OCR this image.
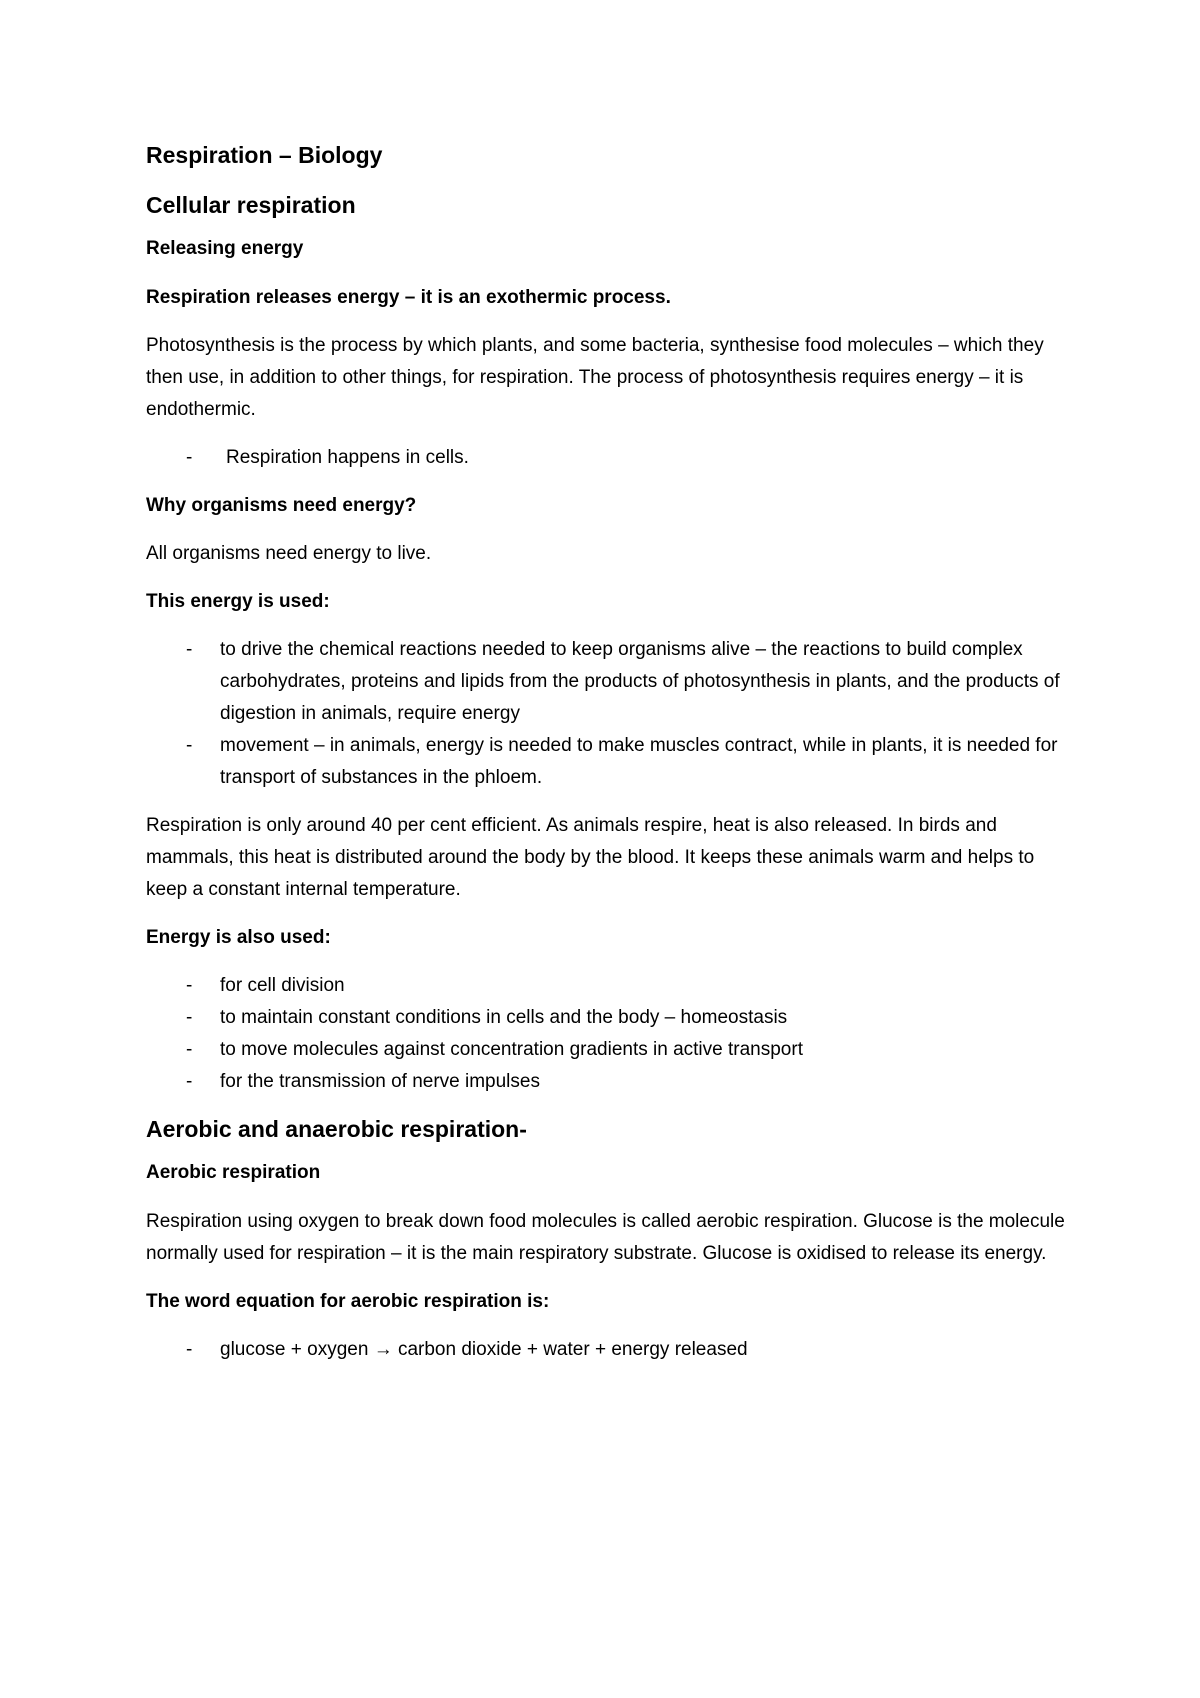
Respiration – Biology
Cellular respiration
Releasing energy
Respiration releases energy – it is an exothermic process.
Photosynthesis is the process by which plants, and some bacteria, synthesise food molecules – which they then use, in addition to other things, for respiration. The process of photosynthesis requires energy – it is endothermic.
- Respiration happens in cells.
Why organisms need energy?
All organisms need energy to live.
This energy is used:
- to drive the chemical reactions needed to keep organisms alive – the reactions to build complex carbohydrates, proteins and lipids from the products of photosynthesis in plants, and the products of digestion in animals, require energy
- movement – in animals, energy is needed to make muscles contract, while in plants, it is needed for transport of substances in the phloem.
Respiration is only around 40 per cent efficient. As animals respire, heat is also released. In birds and mammals, this heat is distributed around the body by the blood. It keeps these animals warm and helps to keep a constant internal temperature.
Energy is also used:
- for cell division
- to maintain constant conditions in cells and the body – homeostasis
- to move molecules against concentration gradients in active transport
- for the transmission of nerve impulses
Aerobic and anaerobic respiration-
Aerobic respiration
Respiration using oxygen to break down food molecules is called aerobic respiration. Glucose is the molecule normally used for respiration – it is the main respiratory substrate. Glucose is oxidised to release its energy.
The word equation for aerobic respiration is:
- glucose + oxygen → carbon dioxide + water + energy released
